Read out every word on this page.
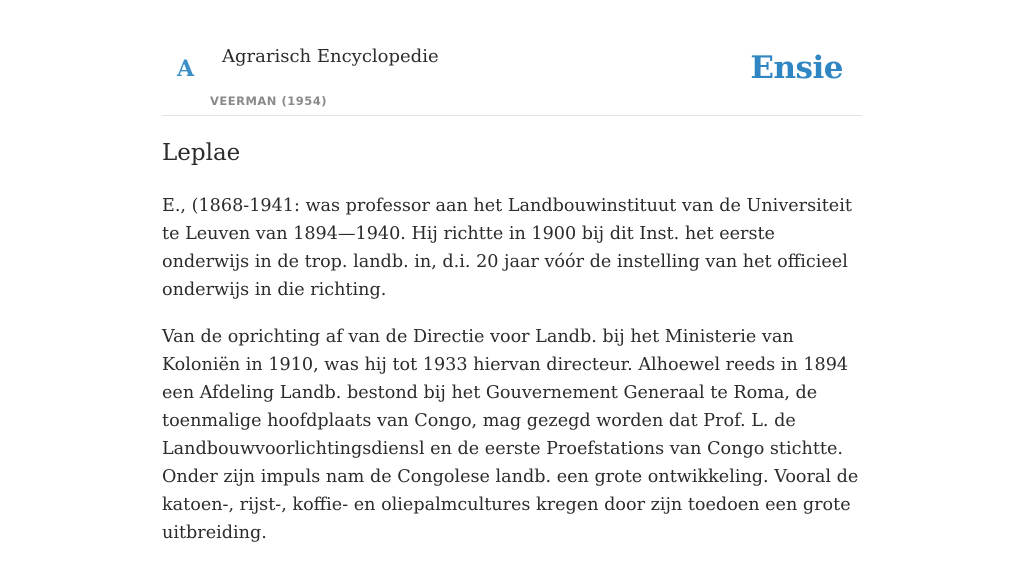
A Agrarisch Encyclopedie
VEERMAN (1954)
Ensie
Leplae

E., (1868-1941: was professor aan het Landbouwinstituut van de Universiteit te Leuven van 1894—1940. Hij richtte in 1900 bij dit Inst. het eerste onderwijs in de trop. landb. in, d.i. 20 jaar vóór de instelling van het officieel onderwijs in die richting.

Van de oprichting af van de Directie voor Landb. bij het Ministerie van Koloniën in 1910, was hij tot 1933 hiervan directeur. Alhoewel reeds in 1894 een Afdeling Landb. bestond bij het Gouvernement Generaal te Roma, de toenmalige hoofdplaats van Congo, mag gezegd worden dat Prof. L. de Landbouwvoorlichtingsdiensl en de eerste Proefstations van Congo stichtte. Onder zijn impuls nam de Congolese landb. een grote ontwikkeling. Vooral de katoen-, rijst-, koffie- en oliepalmcultures kregen door zijn toedoen een grote uitbreiding.
